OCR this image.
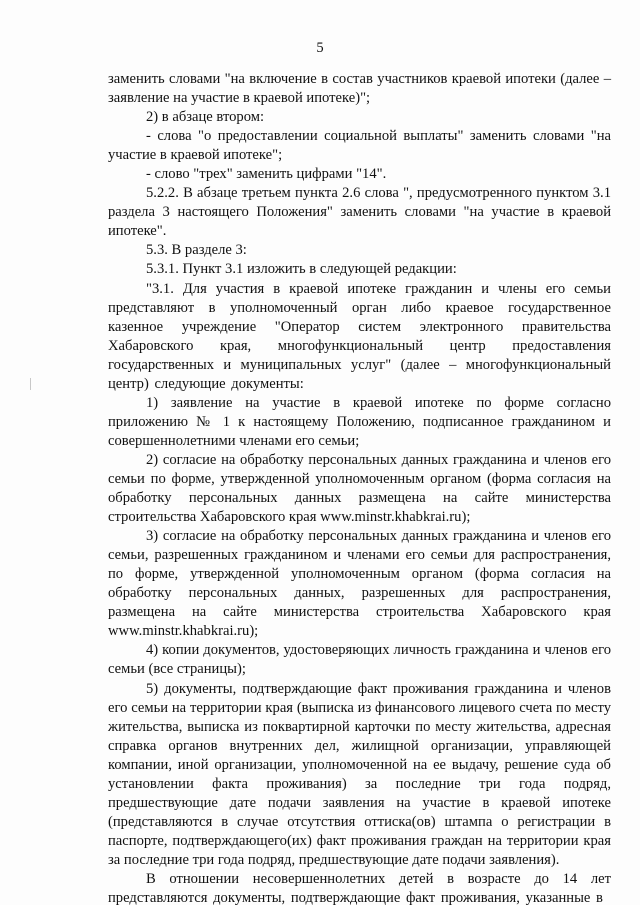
5

заменить словами "на включение в состав участников краевой ипотеки (далее – заявление на участие в краевой ипотеке)";

2) в абзаце втором:

- слова "о предоставлении социальной выплаты" заменить словами "на участие в краевой ипотеке";

- слово "трех" заменить цифрами "14".

5.2.2. В абзаце третьем пункта 2.6 слова ", предусмотренного пунктом 3.1 раздела 3 настоящего Положения" заменить словами "на участие в краевой ипотеке".

5.3. В разделе 3:

5.3.1. Пункт 3.1 изложить в следующей редакции:

"3.1. Для участия в краевой ипотеке гражданин и члены его семьи представляют в уполномоченный орган либо краевое государственное казенное учреждение "Оператор систем электронного правительства Хабаровского края, многофункциональный центр предоставления государственных и муниципальных услуг" (далее – многофункциональный центр) следующие документы:

1) заявление на участие в краевой ипотеке по форме согласно приложению № 1 к настоящему Положению, подписанное гражданином и совершеннолетними членами его семьи;

2) согласие на обработку персональных данных гражданина и членов его семьи по форме, утвержденной уполномоченным органом (форма согласия на обработку персональных данных размещена на сайте министерства строительства Хабаровского края www.minstr.khabkrai.ru);

3) согласие на обработку персональных данных гражданина и членов его семьи, разрешенных гражданином и членами его семьи для распространения, по форме, утвержденной уполномоченным органом (форма согласия на обработку персональных данных, разрешенных для распространения, размещена на сайте министерства строительства Хабаровского края www.minstr.khabkrai.ru);

4) копии документов, удостоверяющих личность гражданина и членов его семьи (все страницы);

5) документы, подтверждающие факт проживания гражданина и членов его семьи на территории края (выписка из финансового лицевого счета по месту жительства, выписка из поквартирной карточки по месту жительства, адресная справка органов внутренних дел, жилищной организации, управляющей компании, иной организации, уполномоченной на ее выдачу, решение суда об установлении факта проживания) за последние три года подряд, предшествующие дате подачи заявления на участие в краевой ипотеке (представляются в случае отсутствия оттиска(ов) штампа о регистрации в паспорте, подтверждающего(их) факт проживания граждан на территории края за последние три года подряд, предшествующие дате подачи заявления).

В отношении несовершеннолетних детей в возрасте до 14 лет представляются документы, подтверждающие факт проживания, указанные в
